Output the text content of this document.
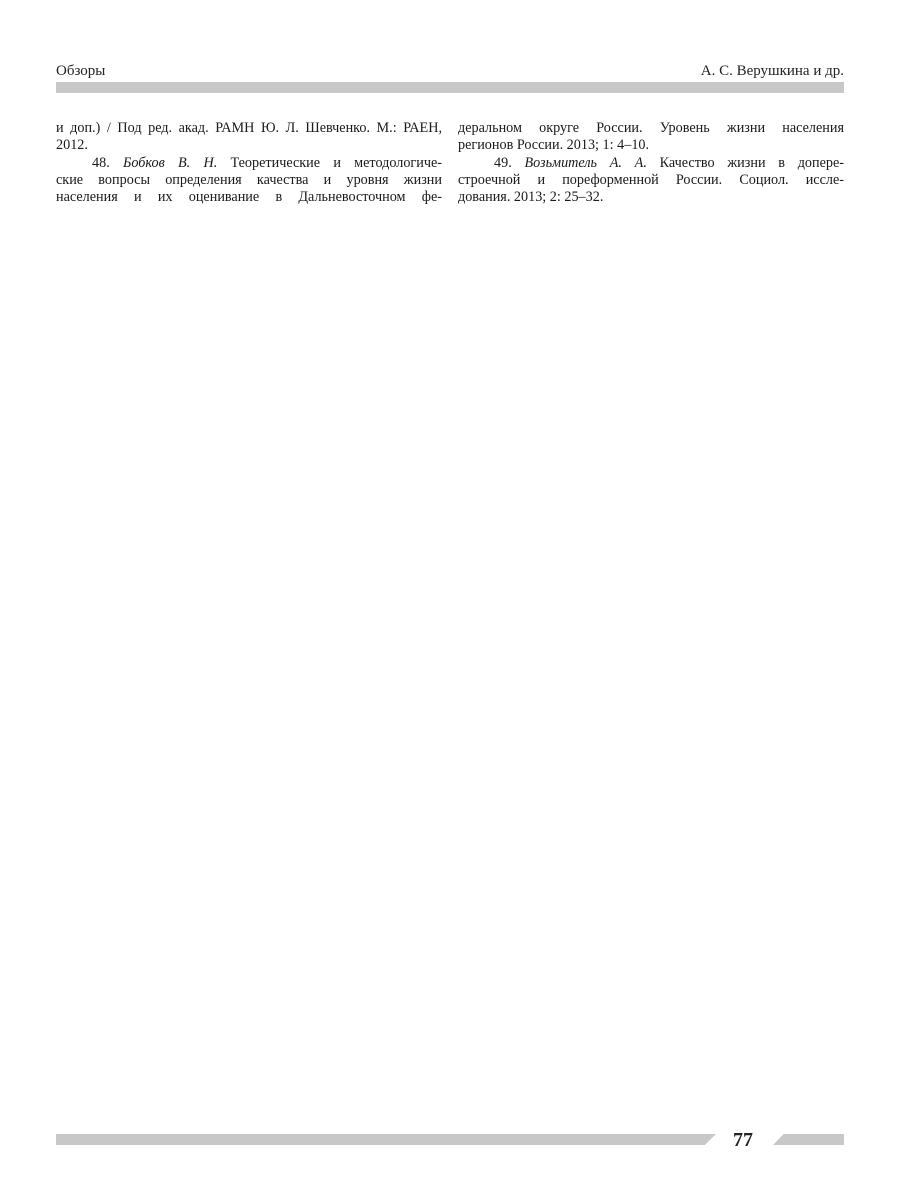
Обзоры	А. С. Верушкина и др.
и доп.) / Под ред. акад. РАМН Ю. Л. Шевченко. М.: РАЕН,
2012.
48. Бобков В. Н. Теоретические и методологиче-
ские вопросы определения качества и уровня жизни
населения и их оценивание в Дальневосточном фе-
деральном округе России. Уровень жизни населения
регионов России. 2013; 1: 4–10.
49. Возьмитель А. А. Качество жизни в допере-
строечной и пореформенной России. Социол. иссле-
дования. 2013; 2: 25–32.
77
